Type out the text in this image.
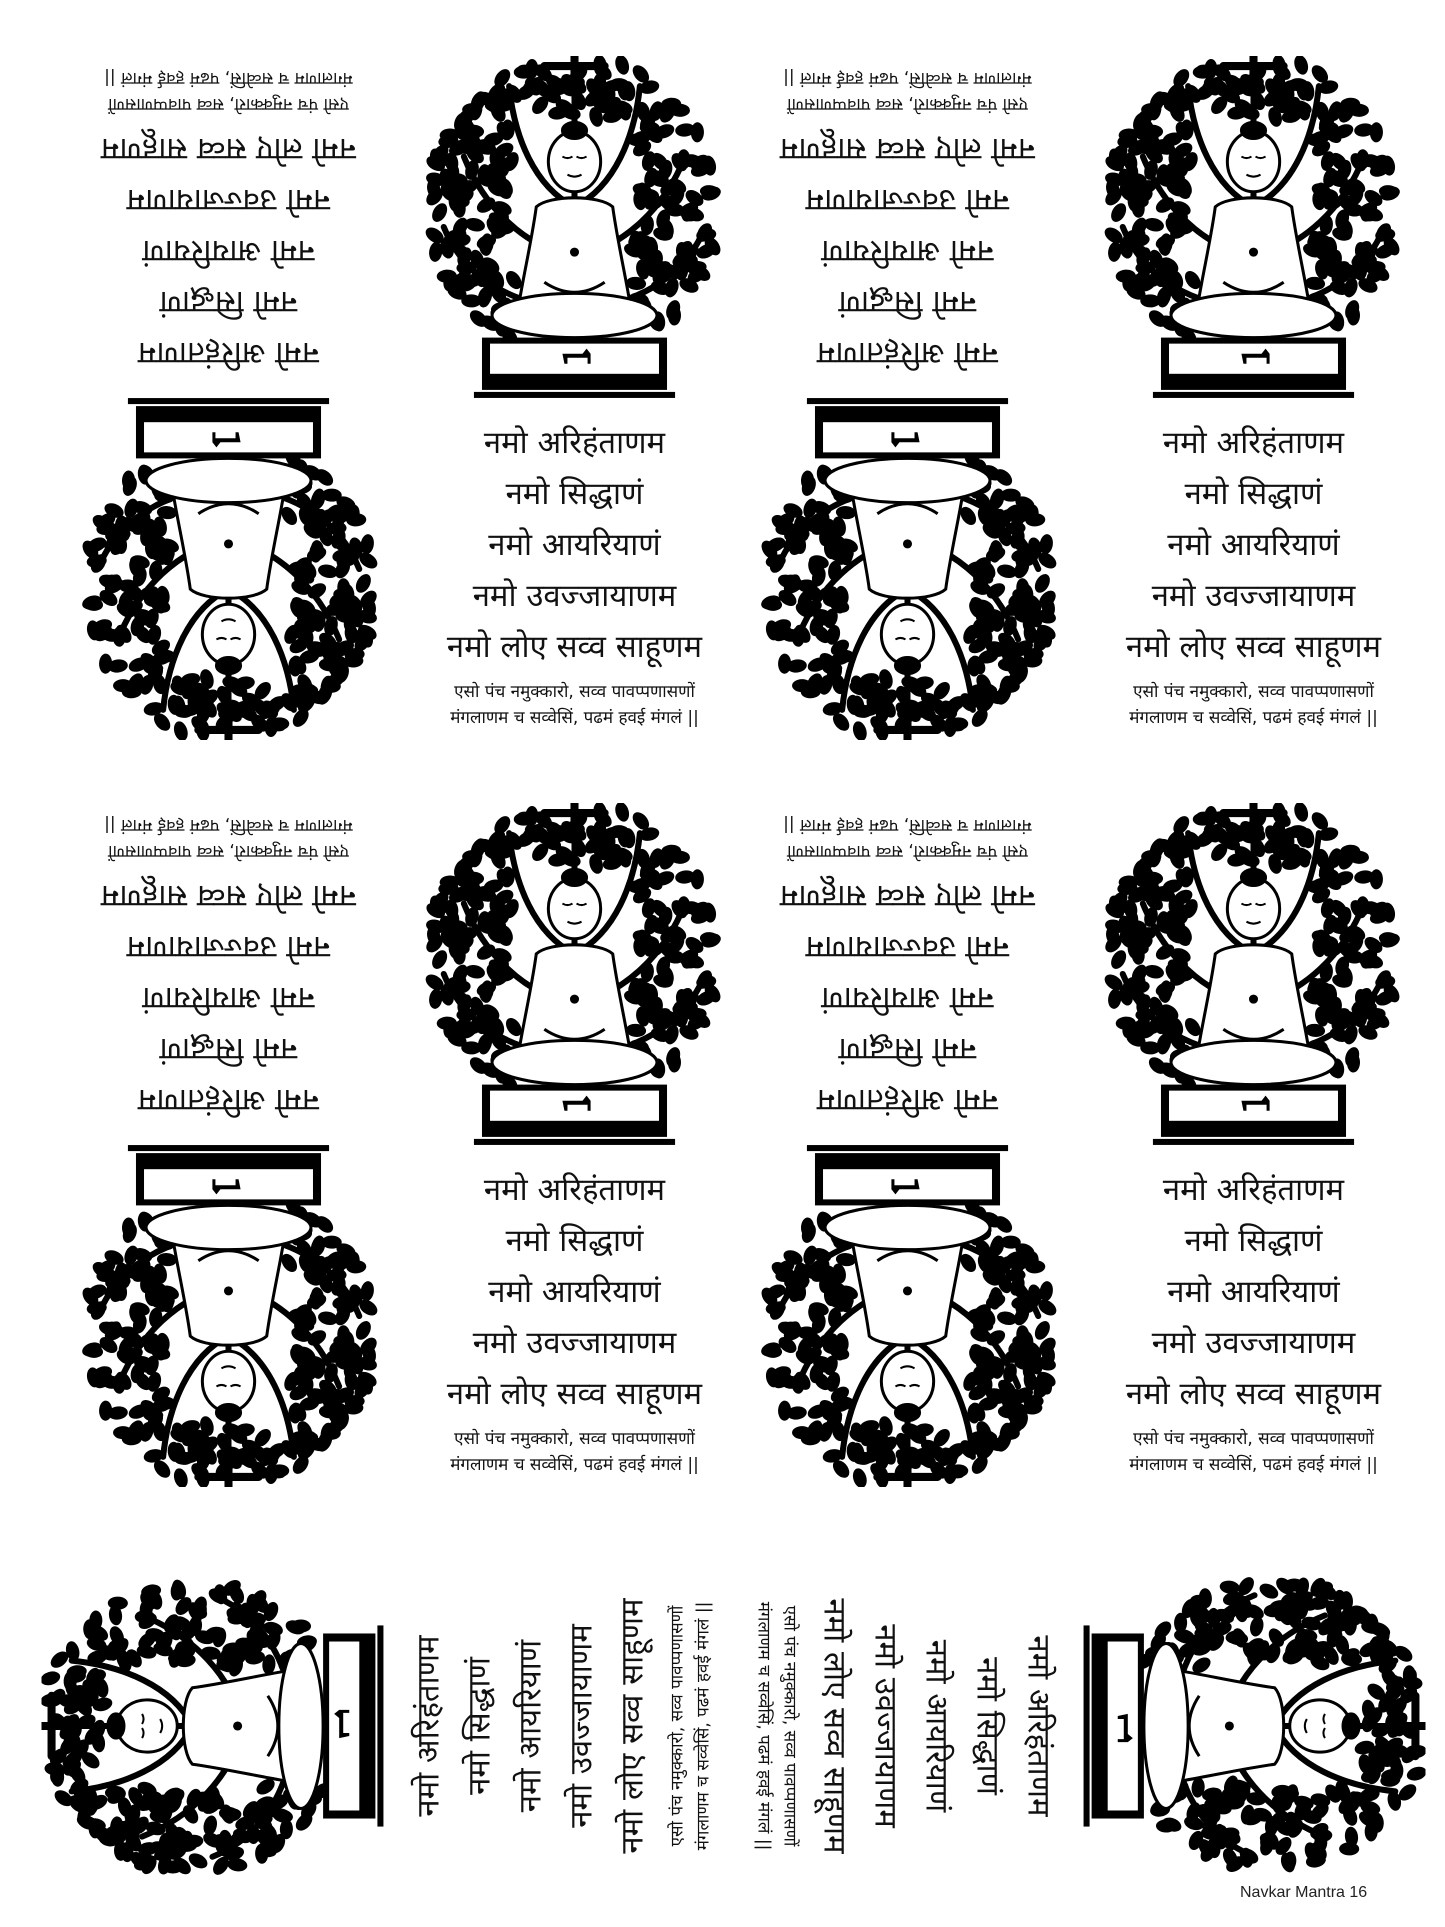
नमो अरिहंताणम
नमो सिद्धाणं
नमो आयरियाणं
नमो उवज्जायाणम
नमो लोए सव्व साहूणम
एसो पंच नमुक्कारो, सव्व पावप्पणासणों
मंगलाणम च सव्वेसिं, पढमं हवई मंगलं ||
नमो अरिहंताणम
नमो सिद्धाणं
नमो आयरियाणं
नमो उवज्जायाणम
नमो लोए सव्व साहूणम
एसो पंच नमुक्कारो, सव्व पावप्पणासणों
मंगलाणम च सव्वेसिं, पढमं हवई मंगलं ||
नमो अरिहंताणम
नमो सिद्धाणं
नमो आयरियाणं
नमो उवज्जायाणम
नमो लोए सव्व साहूणम
एसो पंच नमुक्कारो, सव्व पावप्पणासणों
मंगलाणम च सव्वेसिं, पढमं हवई मंगलं ||
नमो अरिहंताणम
नमो सिद्धाणं
नमो आयरियाणं
नमो उवज्जायाणम
नमो लोए सव्व साहूणम
एसो पंच नमुक्कारो, सव्व पावप्पणासणों
मंगलाणम च सव्वेसिं, पढमं हवई मंगलं ||
नमो अरिहंताणम
नमो सिद्धाणं
नमो आयरियाणं
नमो उवज्जायाणम
नमो लोए सव्व साहूणम
एसो पंच नमुक्कारो, सव्व पावप्पणासणों
मंगलाणम च सव्वेसिं, पढमं हवई मंगलं ||
नमो अरिहंताणम
नमो सिद्धाणं
नमो आयरियाणं
नमो उवज्जायाणम
नमो लोए सव्व साहूणम
एसो पंच नमुक्कारो, सव्व पावप्पणासणों
मंगलाणम च सव्वेसिं, पढमं हवई मंगलं ||
नमो अरिहंताणम
नमो सिद्धाणं
नमो आयरियाणं
नमो उवज्जायाणम
नमो लोए सव्व साहूणम
एसो पंच नमुक्कारो, सव्व पावप्पणासणों
मंगलाणम च सव्वेसिं, पढमं हवई मंगलं ||
नमो अरिहंताणम
नमो सिद्धाणं
नमो आयरियाणं
नमो उवज्जायाणम
नमो लोए सव्व साहूणम
एसो पंच नमुक्कारो, सव्व पावप्पणासणों
मंगलाणम च सव्वेसिं, पढमं हवई मंगलं ||
नमो अरिहंताणम नमो सिद्धाणं नमो आयरियाणं नमो उवज्जायाणम नमो लोए सव्व साहूणम	एसो पंच नमुक्कारो, सव्व पावप्पणासणों मंगलाणम च सव्वेसिं, पढमं हवई मंगलं ||	नमो अरिहंताणम
नमो सिद्धाणं
नमो आयरियाणं
नमो उवज्जायाणम
नमो लोए सव्व साहूणम
एसो पंच नमुक्कारो, सव्व पावप्पणासणों
मंगलाणम च सव्वेसिं, पढमं हवई मंगलं ||
Navkar Mantra 16
